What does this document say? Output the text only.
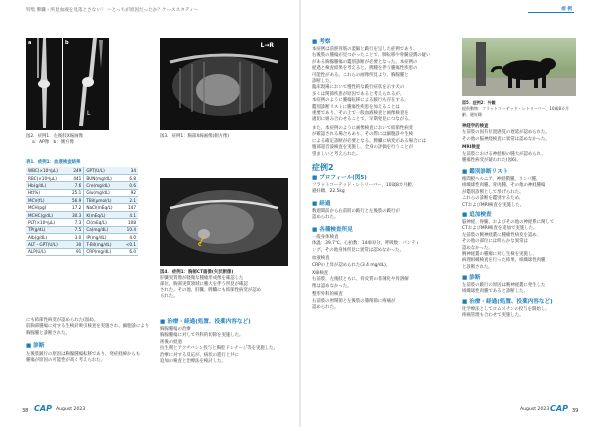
特集 脾臓・所見血液を見落とさない！ ～とっちが原因だったか？ケーススタディ～	症 例
a	b
L
図2．症例1：左後肢X線画像
a：AP像　b：側方像
表1．症例1：血液検査結果
WBC(×10²/μL)	249	GPT(U/L)	34
RBC(×10⁴/μL)	441	BUN(mg/dL)	6.8
Hb(g/dL)	7.6	Cre(mg/dL)	0.6
Ht(%)	25.1	Glu(mg/dL)	92
MCV(fL)	56.9	TBil(μmol/L)	2.1
MCH(pg)	17.2	NaCl(mEq/L)	147
MCHC(g/dL)	30.3	K(mEq/L)	4.1
PLT(×10⁴/μL)	7.3	Cl(mEq/L)	108
TP(g/dL)	7.5	Ca(mg/dL)	10.4
Alb(g/dL)	3.0	IP(mg/dL)	4.0
ALT・GPT(U/L)	30	T-Bil(mg/dL)	<0.1
ALP(U/L)	91	CRP(mg/dL)	6.0
L→R
図3．症例1：胸部X線画像(側方像)
C
図4．症例1：胸部CT画像(矢状断像)
肝臓実質像が軽微な腫瘤形成像を確認した
部位。胸部実質領域に腫大を伴う所見が確認
された。その他、肝臓、脾臓にも結節性病変が認め
られた。
にも結節性病変が認められた(図4)。
前胸部腫瘍に対する生検針吸引検査を実施され、細胞診により
胸腺腫と診断された。
■ 診断
左後肢跛行の原因は胸腺腫瘍転移であり、発症経緯からも
腫瘍が原因の可能性が高く考えられた。
■ 治療・経過(処置、投薬内容など)
胸腺腫瘍の治療
胸腺腫瘍に対して外科的切除を実施した。
術後の経過
抗生剤とアクチバシン投与と胸腔ドレナージ等を実施した。
治療に対する反応が、病状の進行と共に
追加の検査と治療法を検討した。
38 CAP August 2023
■ 考察
本症例は前脛骨筋の萎縮と跛行を呈した症例であり、
右後肢の腫瘍が見つかったことで、肺転移や骨髄浸潤の疑い
がある胸腺腫瘍の鑑別診断が必要となった。本症例の
経過と検査結果を考えると、脾腫を伴う腫瘍性疾患の
可能性がある。これらの画像所見より、胸腺腫と
診断した。
臨床現場において慢性的な跛行症状を示す犬の
多くは関節疾患が原因であると考えられるが、
本症例のように腫瘍転移による跛行も存在する。
鑑別診断リストに腫瘍性疾患を加えることは
重要であり、その上で一般血液検査と画像検査を
適切に組み合わせることで、早期発見につながる。
また、本症例のように画像検査において結節性病変
が確認される場合もあり、その際には細胞診や生検
による確定診断が必要となる。脾臓に病変がある場合には
腹部超音波検査を実施し、全身の評価を行うことが
望ましいと考えられた。
症例2
■ プロフィール(図5)
フラットコーテッド・レトリーバー、10歳8カ月齢、
避妊雌、22.5kg
■ 経過
数週間前から右前肢の跛行と左後肢の跛行が
認められた。
■ 各種検査所見
一般身体検査
体温：39.7℃、心拍数：144回/分、呼吸数：パンティ
ング、その他身体所見に異常は認めなかった。
血液検査
CRPの上昇が認められた(3.4 mg/dL)。
X線検査
右前肢、左後肢ともに、骨皮質の菲薄化や骨溶解
像は認めなかった。
整形外科的検査
右前肢の肘関節と左後肢の膝関節に疼痛が
認められた。
図5．症例2：外観
提供動物：フラットコーテッド・レトリーバー、10歳8カ月齢、避妊雌
神経学的検査
左前肢の固有位置感覚の遅延が認められた。
その他の脳神経検査に異常は認めなかった。
MRI検査
左前肢における神経根の腫大が認められ、
腫瘍性病変が疑われた(図6)。
■ 鑑別診断リスト
椎間板ヘルニア、神経鞘腫、リンパ腫、
組織球性肉腫、骨肉腫、その他の神経腫瘍
が鑑別診断として挙げられた。
これらの診断を鑑別するため、
CTおよびMRI検査を実施した。
■ 追加検査
脳神経、脊髄、およびその他の神経系に関して
CTおよびMRI検査を追加で実施した。
左前肢の腕神経叢に腫瘤性病変を認め、
その他の部位には明らかな異常は
認めなかった。
腕神経叢の腫瘤に対し生検を実施し、
病理組織検査を行った結果、組織球性肉腫
と診断された。
■ 診断
左前肢の跛行の原因は腕神経叢に発生した
組織球性肉腫であると診断した。
■ 治療・経過(処置、投薬内容など)
化学療法としてロムスチンの投与を開始し、
疼痛管理も合わせて実施した。
August 2023 CAP 39
